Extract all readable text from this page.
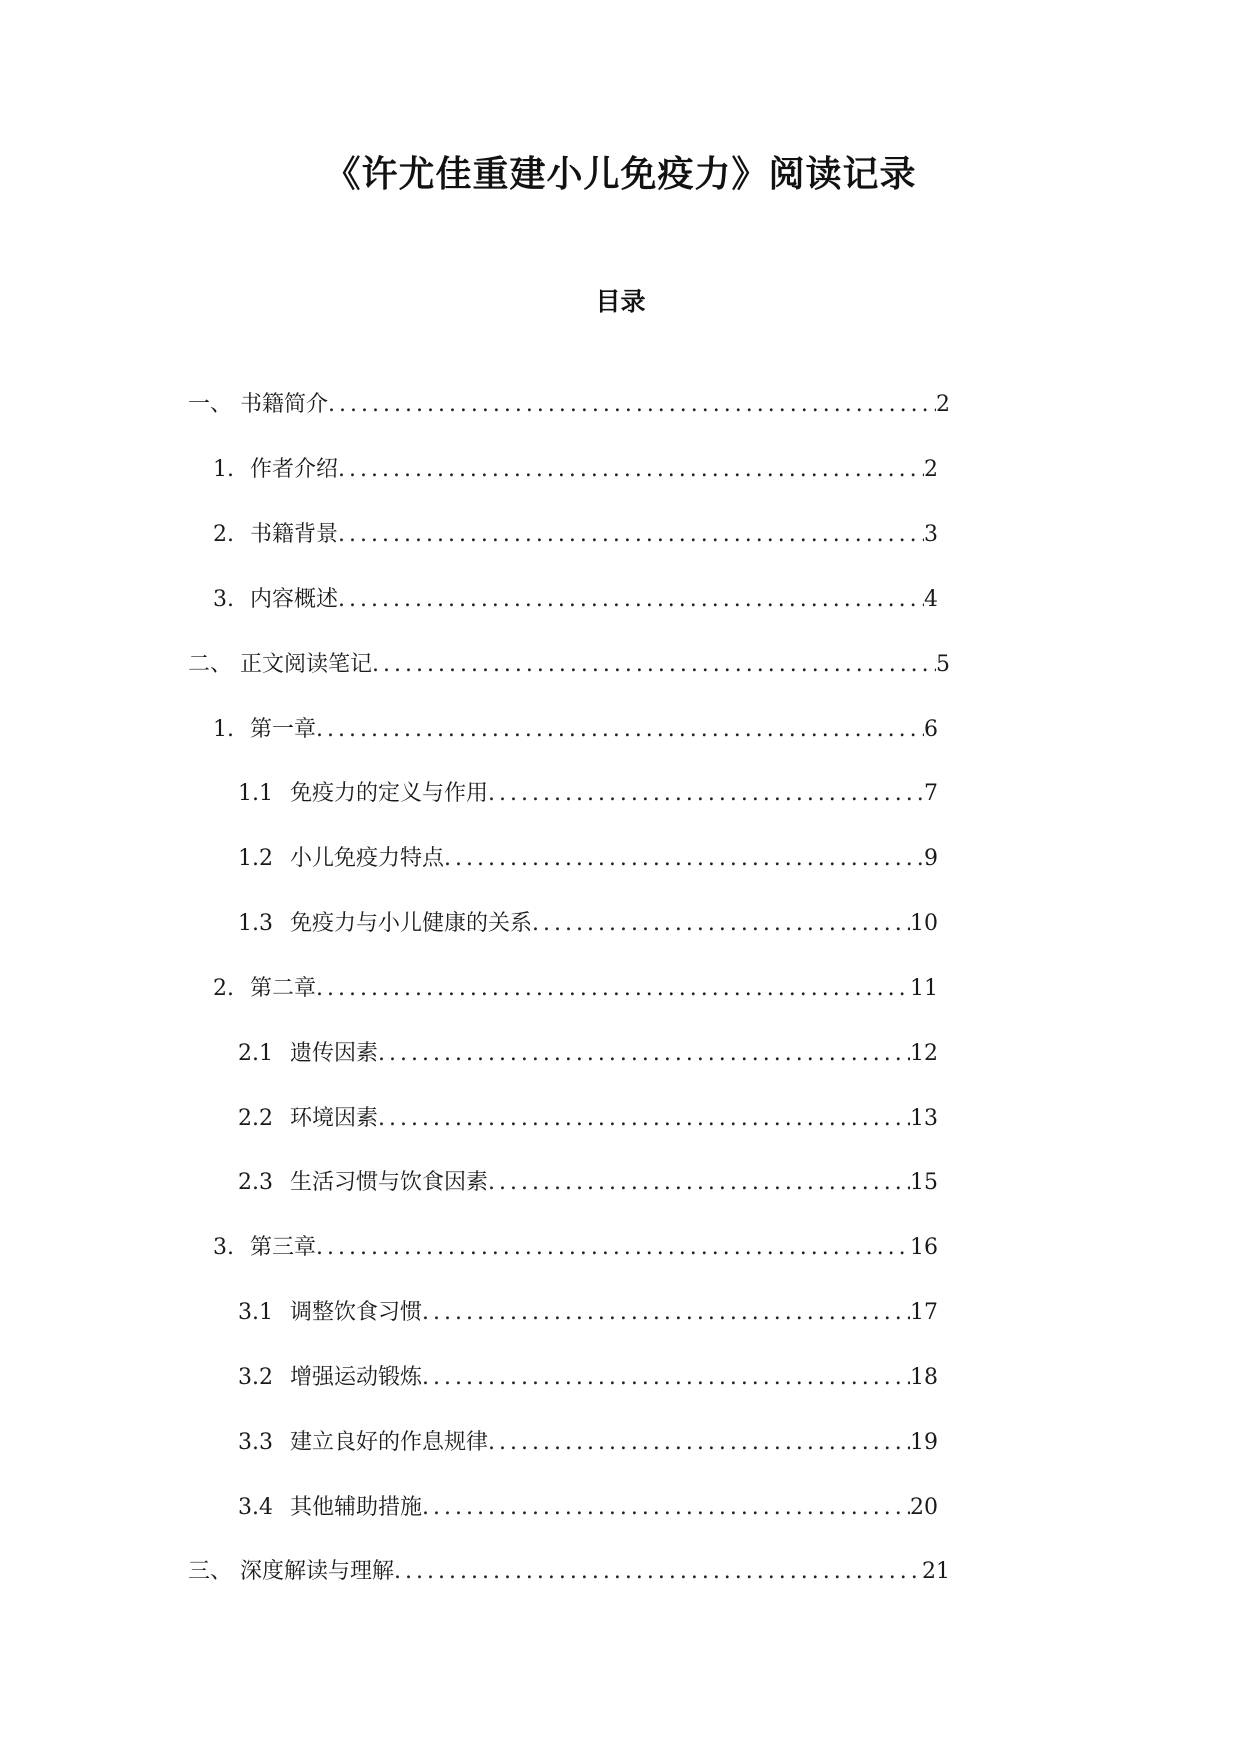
《许尤佳重建小儿免疫力》阅读记录
目录
一、 书籍简介 .....	2
1. 作者介绍 .....	2
2. 书籍背景 .....	3
3. 内容概述 .....	4
二、 正文阅读笔记 .....	5
1. 第一章 .....	6
1.1 免疫力的定义与作用 .....	7
1.2 小儿免疫力特点 .....	9
1.3 免疫力与小儿健康的关系 .....	10
2. 第二章 .....	11
2.1 遗传因素 .....	12
2.2 环境因素 .....	13
2.3 生活习惯与饮食因素 .....	15
3. 第三章 .....	16
3.1 调整饮食习惯 .....	17
3.2 增强运动锻炼 .....	18
3.3 建立良好的作息规律 .....	19
3.4 其他辅助措施 .....	20
三、 深度解读与理解 .....	21
